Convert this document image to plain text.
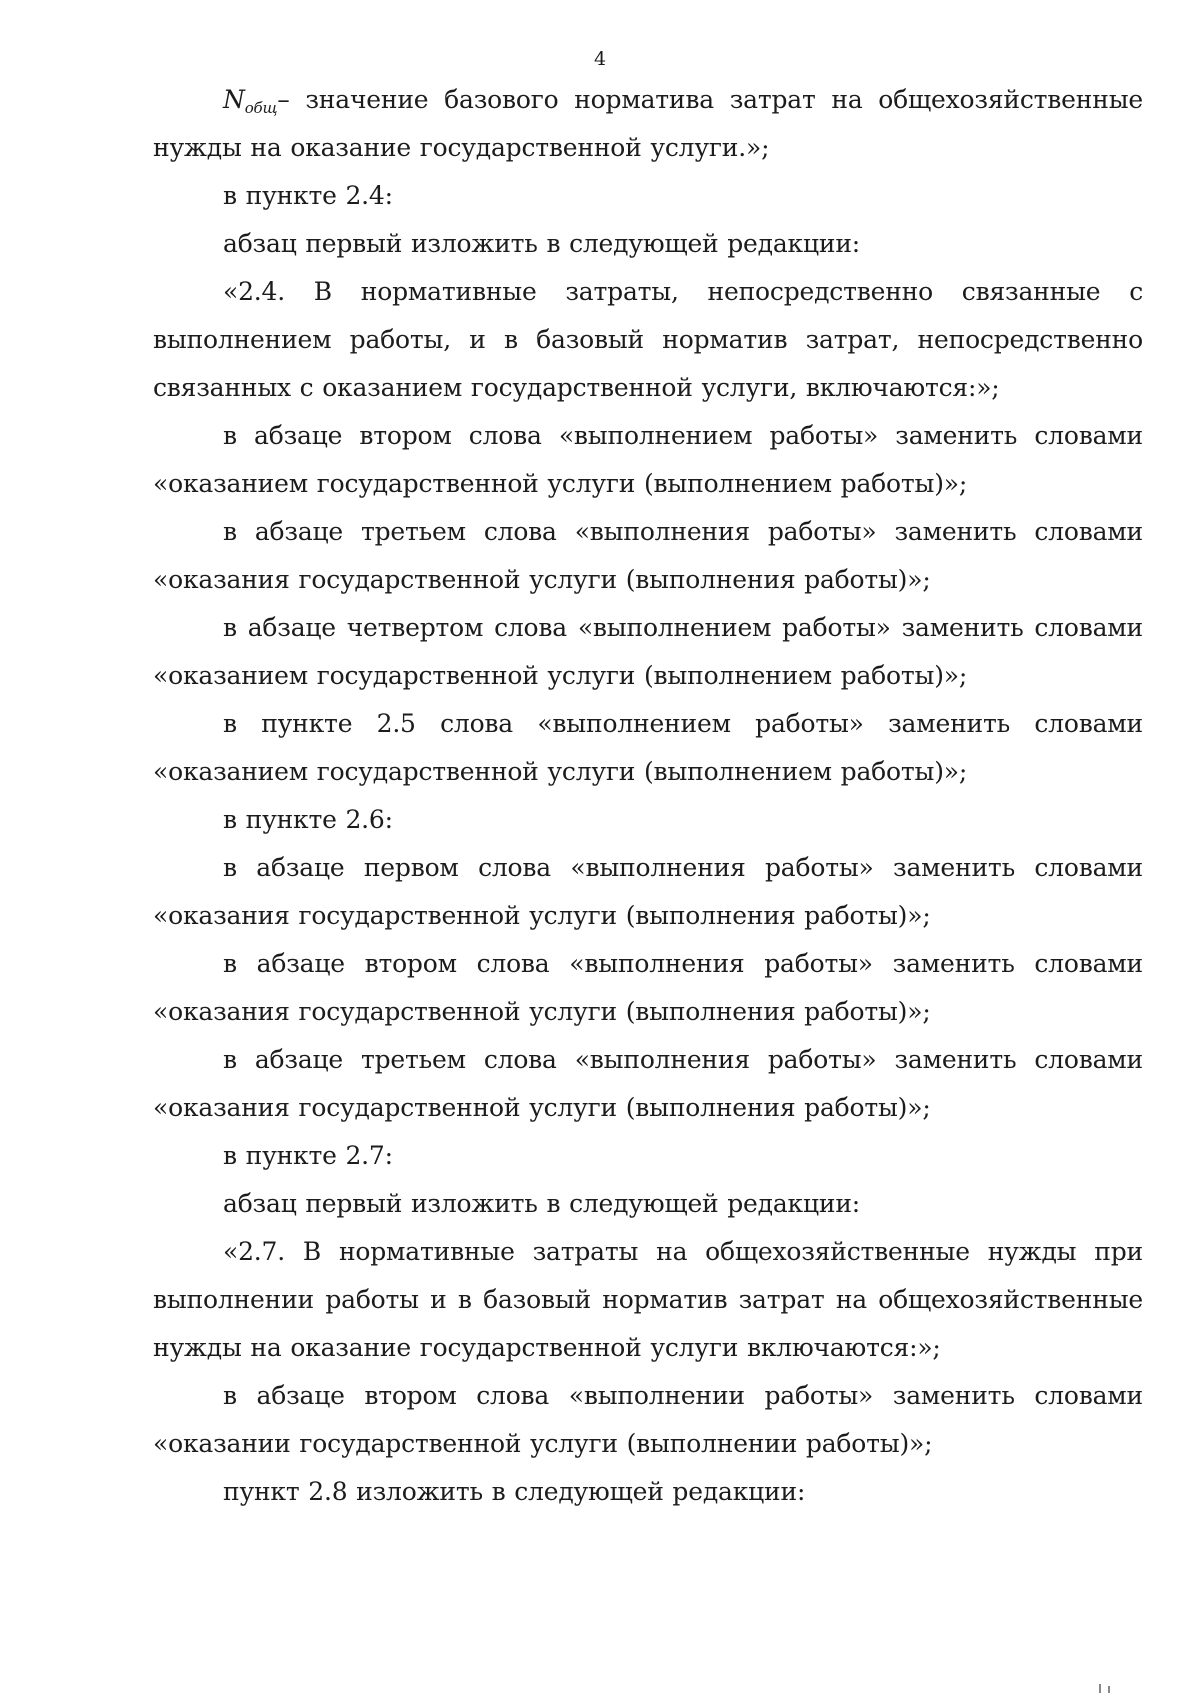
4

$N_{общ}-$ значение базового норматива затрат на общехозяйственные нужды на оказание государственной услуги.»;

в пункте 2.4:

абзац первый изложить в следующей редакции:

«2.4. В нормативные затраты, непосредственно связанные с выполнением работы, и в базовый норматив затрат, непосредственно связанных с оказанием государственной услуги, включаются:»;

в абзаце втором слова «выполнением работы» заменить словами «оказанием государственной услуги (выполнением работы)»;

в абзаце третьем слова «выполнения работы» заменить словами «оказания государственной услуги (выполнения работы)»;

в абзаце четвертом слова «выполнением работы» заменить словами «оказанием государственной услуги (выполнением работы)»;

в пункте 2.5 слова «выполнением работы» заменить словами «оказанием государственной услуги (выполнением работы)»;

в пункте 2.6:

в абзаце первом слова «выполнения работы» заменить словами «оказания государственной услуги (выполнения работы)»;

в абзаце втором слова «выполнения работы» заменить словами «оказания государственной услуги (выполнения работы)»;

в абзаце третьем слова «выполнения работы» заменить словами «оказания государственной услуги (выполнения работы)»;

в пункте 2.7:

абзац первый изложить в следующей редакции:

«2.7. В нормативные затраты на общехозяйственные нужды при выполнении работы и в базовый норматив затрат на общехозяйственные нужды на оказание государственной услуги включаются:»;

в абзаце втором слова «выполнении работы» заменить словами «оказании государственной услуги (выполнении работы)»;

пункт 2.8 изложить в следующей редакции:
